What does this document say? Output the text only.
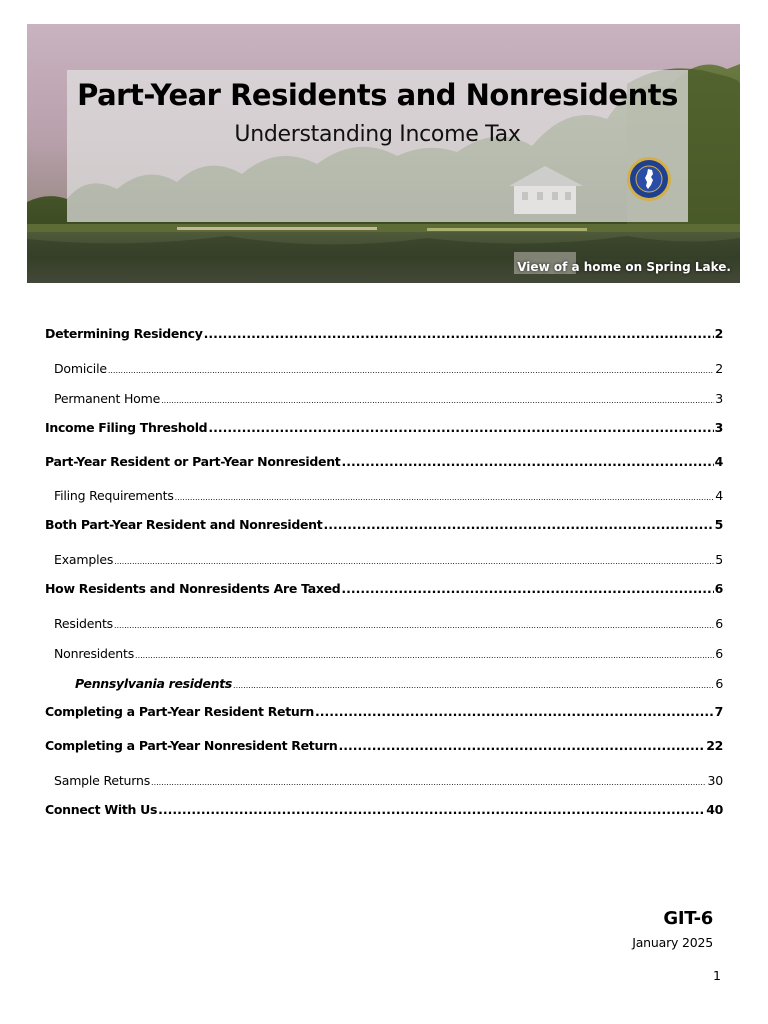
Part-Year Residents and Nonresidents
Understanding Income Tax
View of a home on Spring Lake.
Determining Residency .....	2
Domicile .....	2
Permanent Home .....	3
Income Filing Threshold .....	3
Part-Year Resident or Part-Year Nonresident .....	4
Filing Requirements .....	4
Both Part-Year Resident and Nonresident .....	5
Examples .....	5
How Residents and Nonresidents Are Taxed .....	6
Residents .....	6
Nonresidents .....	6
Pennsylvania residents .....	6
Completing a Part-Year Resident Return .....	7
Completing a Part-Year Nonresident Return .....	22
Sample Returns .....	30
Connect With Us .....	40
GIT-6
January 2025
1
